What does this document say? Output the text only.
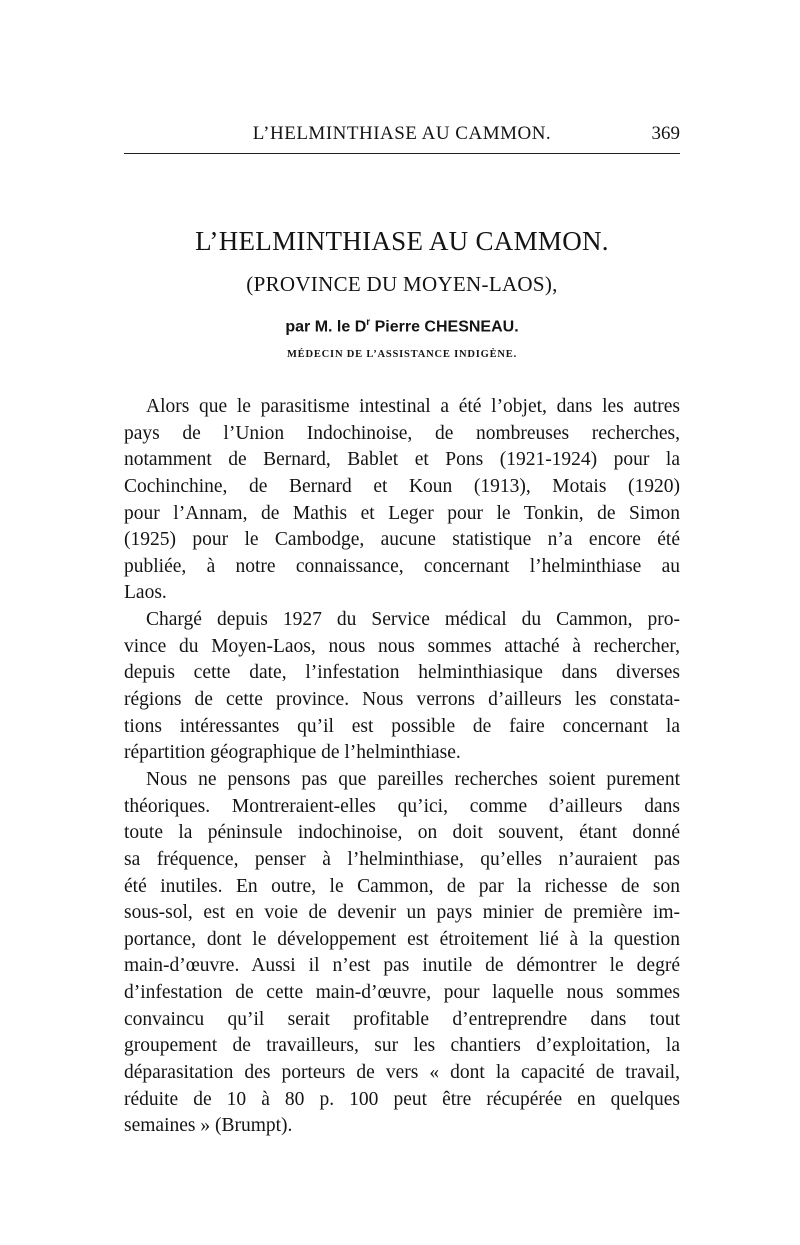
L’HELMINTHIASE AU CAMMON.	369
L’HELMINTHIASE AU CAMMON.
(PROVINCE DU MOYEN-LAOS),
par M. le $D^r$ Pierre CHESNEAU.
MÉDECIN DE L’ASSISTANCE INDIGÈNE.
Alors que le parasitisme intestinal a été l’objet, dans les autres
pays de l’Union Indochinoise, de nombreuses recherches,
notamment de Bernard, Bablet et Pons (1921-1924) pour la
Cochinchine, de Bernard et Koun (1913), Motais (1920)
pour l’Annam, de Mathis et Leger pour le Tonkin, de Simon
(1925) pour le Cambodge, aucune statistique n’a encore été
publiée, à notre connaissance, concernant l’helminthiase au
Laos.
Chargé depuis 1927 du Service médical du Cammon, pro-
vince du Moyen-Laos, nous nous sommes attaché à rechercher,
depuis cette date, l’infestation helminthiasique dans diverses
régions de cette province. Nous verrons d’ailleurs les constata-
tions intéressantes qu’il est possible de faire concernant la
répartition géographique de l’helminthiase.
Nous ne pensons pas que pareilles recherches soient purement
théoriques. Montreraient-elles qu’ici, comme d’ailleurs dans
toute la péninsule indochinoise, on doit souvent, étant donné
sa fréquence, penser à l’helminthiase, qu’elles n’auraient pas
été inutiles. En outre, le Cammon, de par la richesse de son
sous-sol, est en voie de devenir un pays minier de première im-
portance, dont le développement est étroitement lié à la question
main-d’œuvre. Aussi il n’est pas inutile de démontrer le degré
d’infestation de cette main-d’œuvre, pour laquelle nous sommes
convaincu qu’il serait profitable d’entreprendre dans tout
groupement de travailleurs, sur les chantiers d’exploitation, la
déparasitation des porteurs de vers « dont la capacité de travail,
réduite de 10 à 80 p. 100 peut être récupérée en quelques
semaines » (Brumpt).
